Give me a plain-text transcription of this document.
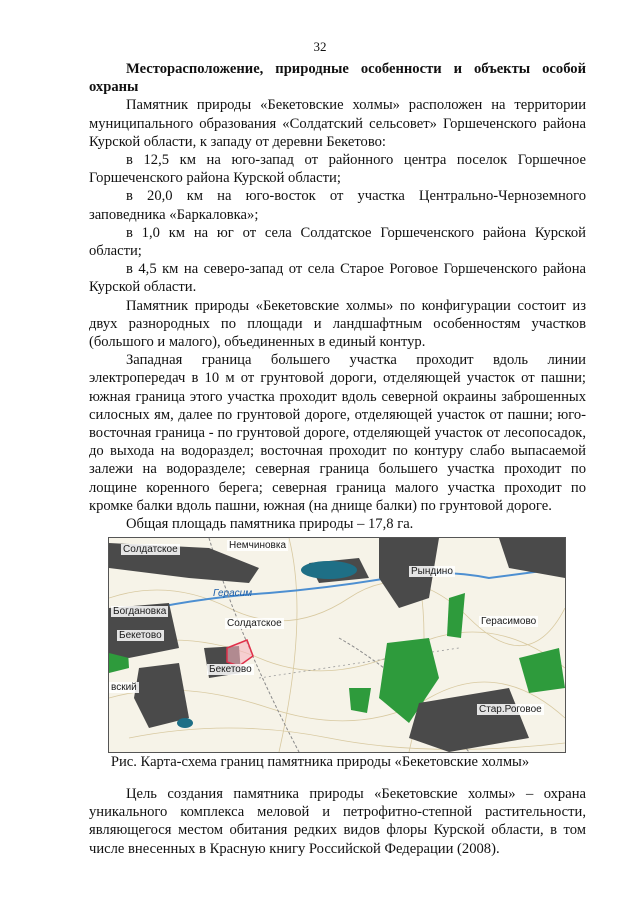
32

Месторасположение, природные особенности и объекты особой охраны

Памятник природы «Бекетовские холмы» расположен на территории муниципального образования «Солдатский сельсовет» Горшеченского района Курской области, к западу от деревни Бекетово:

в 12,5 км на юго-запад от районного центра поселок Горшечное Горшеченского района Курской области;

в 20,0 км на юго-восток от участка Центрально-Черноземного заповедника «Баркаловка»;

в 1,0 км на юг от села Солдатское Горшеченского района Курской области;

в 4,5 км на северо-запад от села Старое Роговое Горшеченского района Курской области.

Памятник природы «Бекетовские холмы» по конфигурации состоит из двух разнородных по площади и ландшафтным особенностям участков (большого и малого), объединенных в единый контур.

Западная граница большего участка проходит вдоль линии электропередач в 10 м от грунтовой дороги, отделяющей участок от пашни; южная граница этого участка проходит вдоль северной окраины заброшенных силосных ям, далее по грунтовой дороге, отделяющей участок от пашни; юго-восточная граница - по грунтовой дороге, отделяющей участок от лесопосадок, до выхода на водораздел; восточная проходит по контуру слабо выпасаемой залежи на водоразделе; северная граница большего участка проходит по лощине коренного берега; северная граница малого участка проходит по кромке балки вдоль пашни, южная (на днище балки) по грунтовой дороге.

Общая площадь памятника природы – 17,8 га.

Солдатское	Немчиновка
Герасим
Рындино
Богдановка
Солдатское
Бекетово
Герасимово
Бекетово
вский
Стар.Роговое
Рис. Карта-схема границ памятника природы «Бекетовские холмы»

Цель создания памятника природы «Бекетовские холмы» – охрана уникального комплекса меловой и петрофитно-степной растительности, являющегося местом обитания редких видов флоры Курской области, в том числе внесенных в Красную книгу Российской Федерации (2008).
